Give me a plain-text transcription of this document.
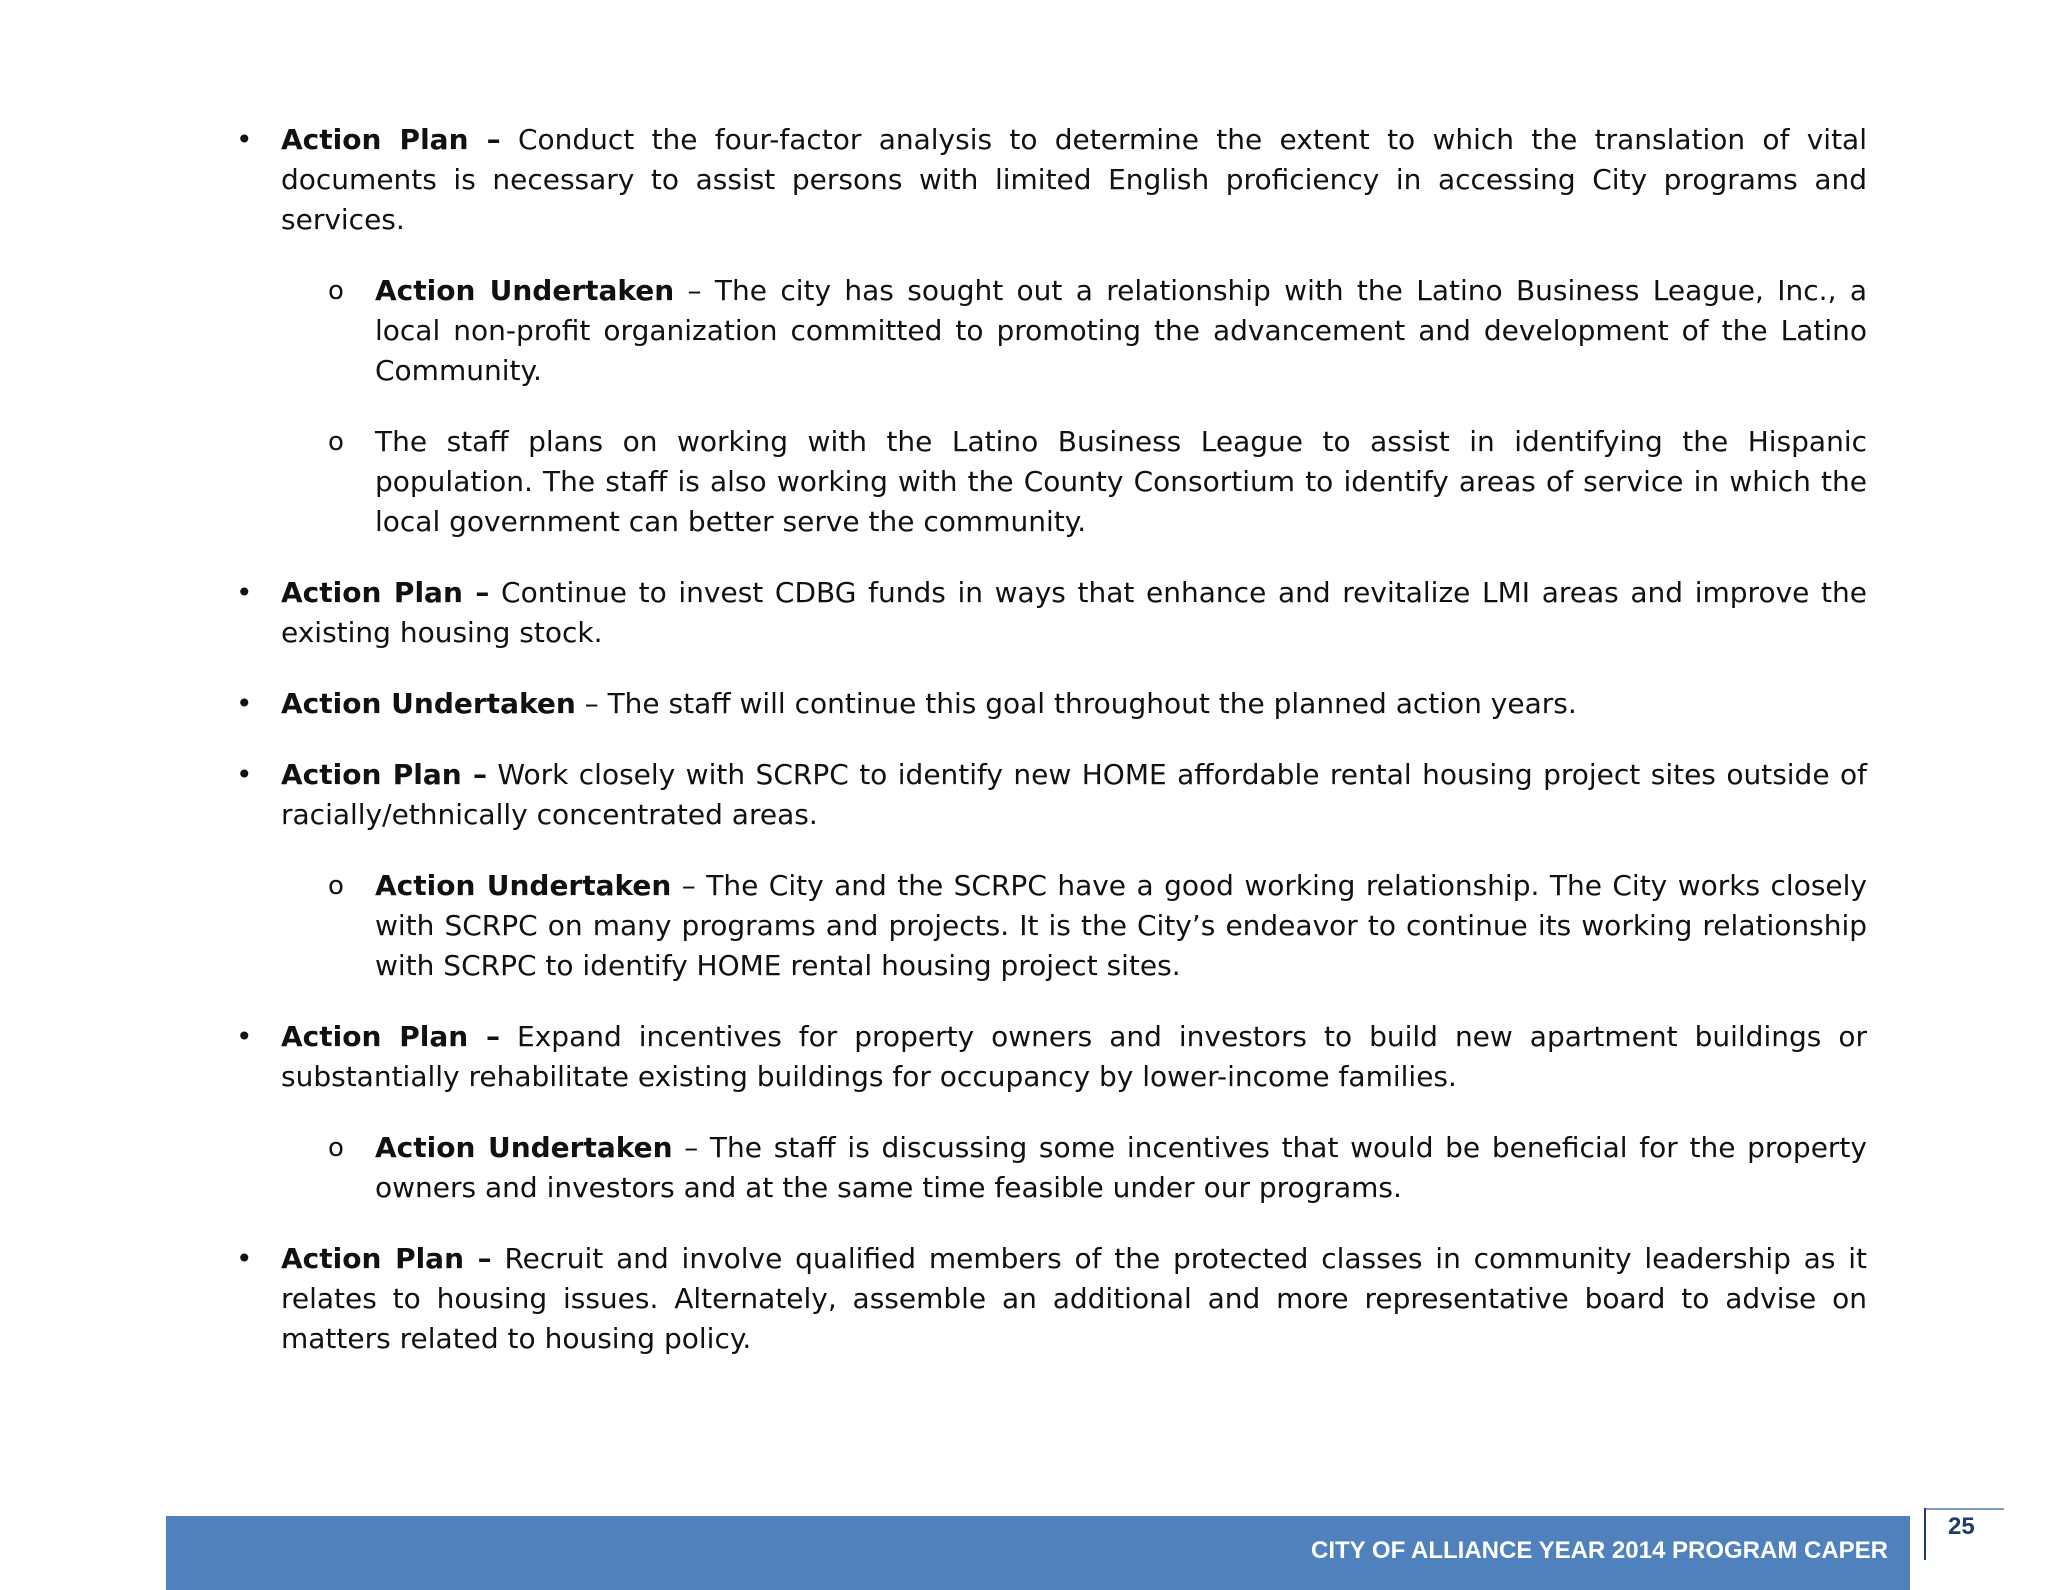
• Action Plan – Conduct the four-factor analysis to determine the extent to which the translation of vital documents is necessary to assist persons with limited English proficiency in accessing City programs and services.
o Action Undertaken – The city has sought out a relationship with the Latino Business League, Inc., a local non-profit organization committed to promoting the advancement and development of the Latino Community.
o The staff plans on working with the Latino Business League to assist in identifying the Hispanic population. The staff is also working with the County Consortium to identify areas of service in which the local government can better serve the community.
• Action Plan – Continue to invest CDBG funds in ways that enhance and revitalize LMI areas and improve the existing housing stock.
• Action Undertaken – The staff will continue this goal throughout the planned action years.
• Action Plan – Work closely with SCRPC to identify new HOME affordable rental housing project sites outside of racially/ethnically concentrated areas.
o Action Undertaken – The City and the SCRPC have a good working relationship. The City works closely with SCRPC on many programs and projects. It is the City’s endeavor to continue its working relationship with SCRPC to identify HOME rental housing project sites.
• Action Plan – Expand incentives for property owners and investors to build new apartment buildings or substantially rehabilitate existing buildings for occupancy by lower-income families.
o Action Undertaken – The staff is discussing some incentives that would be beneficial for the property owners and investors and at the same time feasible under our programs.
• Action Plan – Recruit and involve qualified members of the protected classes in community leadership as it relates to housing issues. Alternately, assemble an additional and more representative board to advise on matters related to housing policy.
CITY OF ALLIANCE YEAR 2014 PROGRAM CAPER
25
